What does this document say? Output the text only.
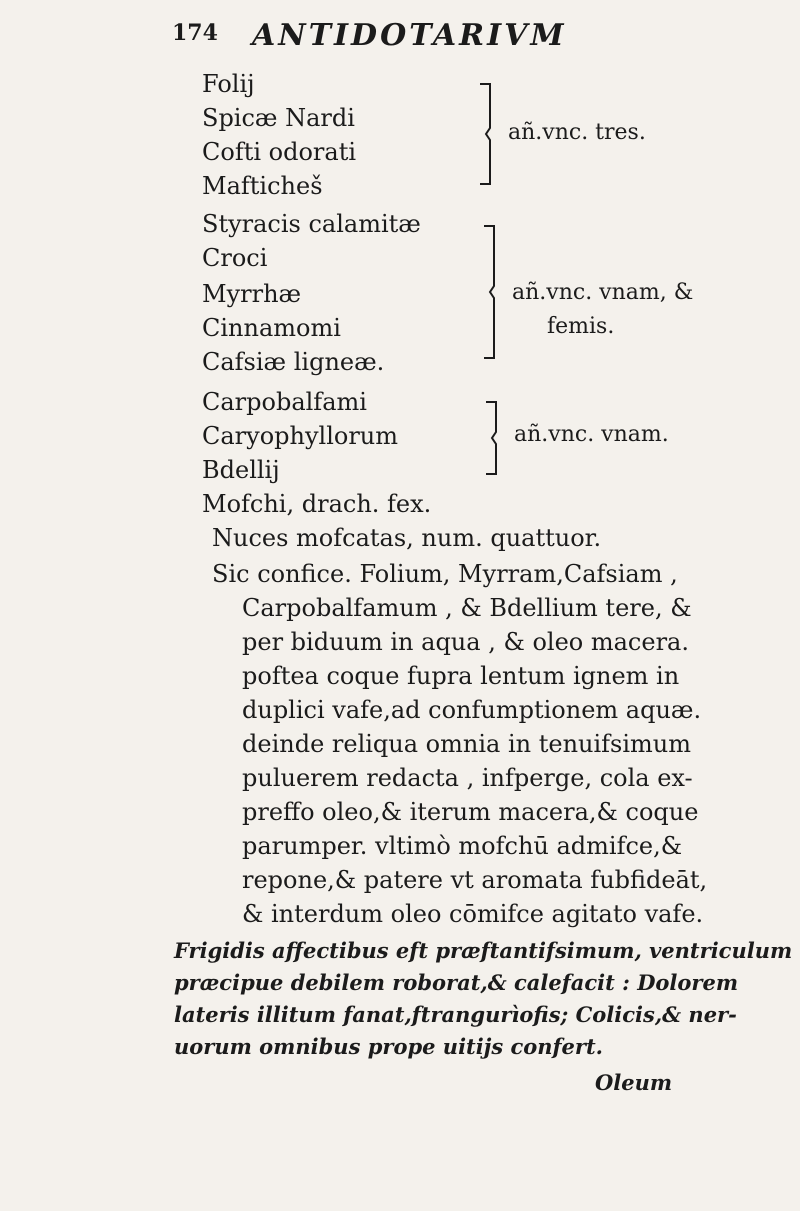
174 ANTIDOTARIVM
Folij
Spicæ Nardi
Cofti odorati
Mafticheš
añ.vnc. tres.
Styracis calamitæ
Croci
Myrrhæ
Cinnamomi
Cafsiæ ligneæ.
añ.vnc. vnam, &
femis.
Carpobalfami
Caryophyllorum
Bdellij
añ.vnc. vnam.
Mofchi, drach. fex.
Nuces mofcatas, num. quattuor.
Sic confice. Folium, Myrram,Cafsiam ,
Carpobalfamum , & Bdellium tere, &
per biduum in aqua , & oleo macera.
poftea coque fupra lentum ignem in
duplici vafe,ad confumptionem aquæ.
deinde reliqua omnia in tenuifsimum
puluerem redacta , infperge, cola ex-
preffo oleo,& iterum macera,& coque
parumper. vltimò mofchū admifce,&
repone,& patere vt aromata fubfideāt,
& interdum oleo cōmifce agitato vafe.
Frigidis affectibus eft præftantifsimum, ventriculum
præcipue debilem roborat,& calefacit : Dolorem
lateris illitum fanat,ftrangurìofis; Colicis,& ner-
uorum omnibus prope uitijs confert.
Oleum
